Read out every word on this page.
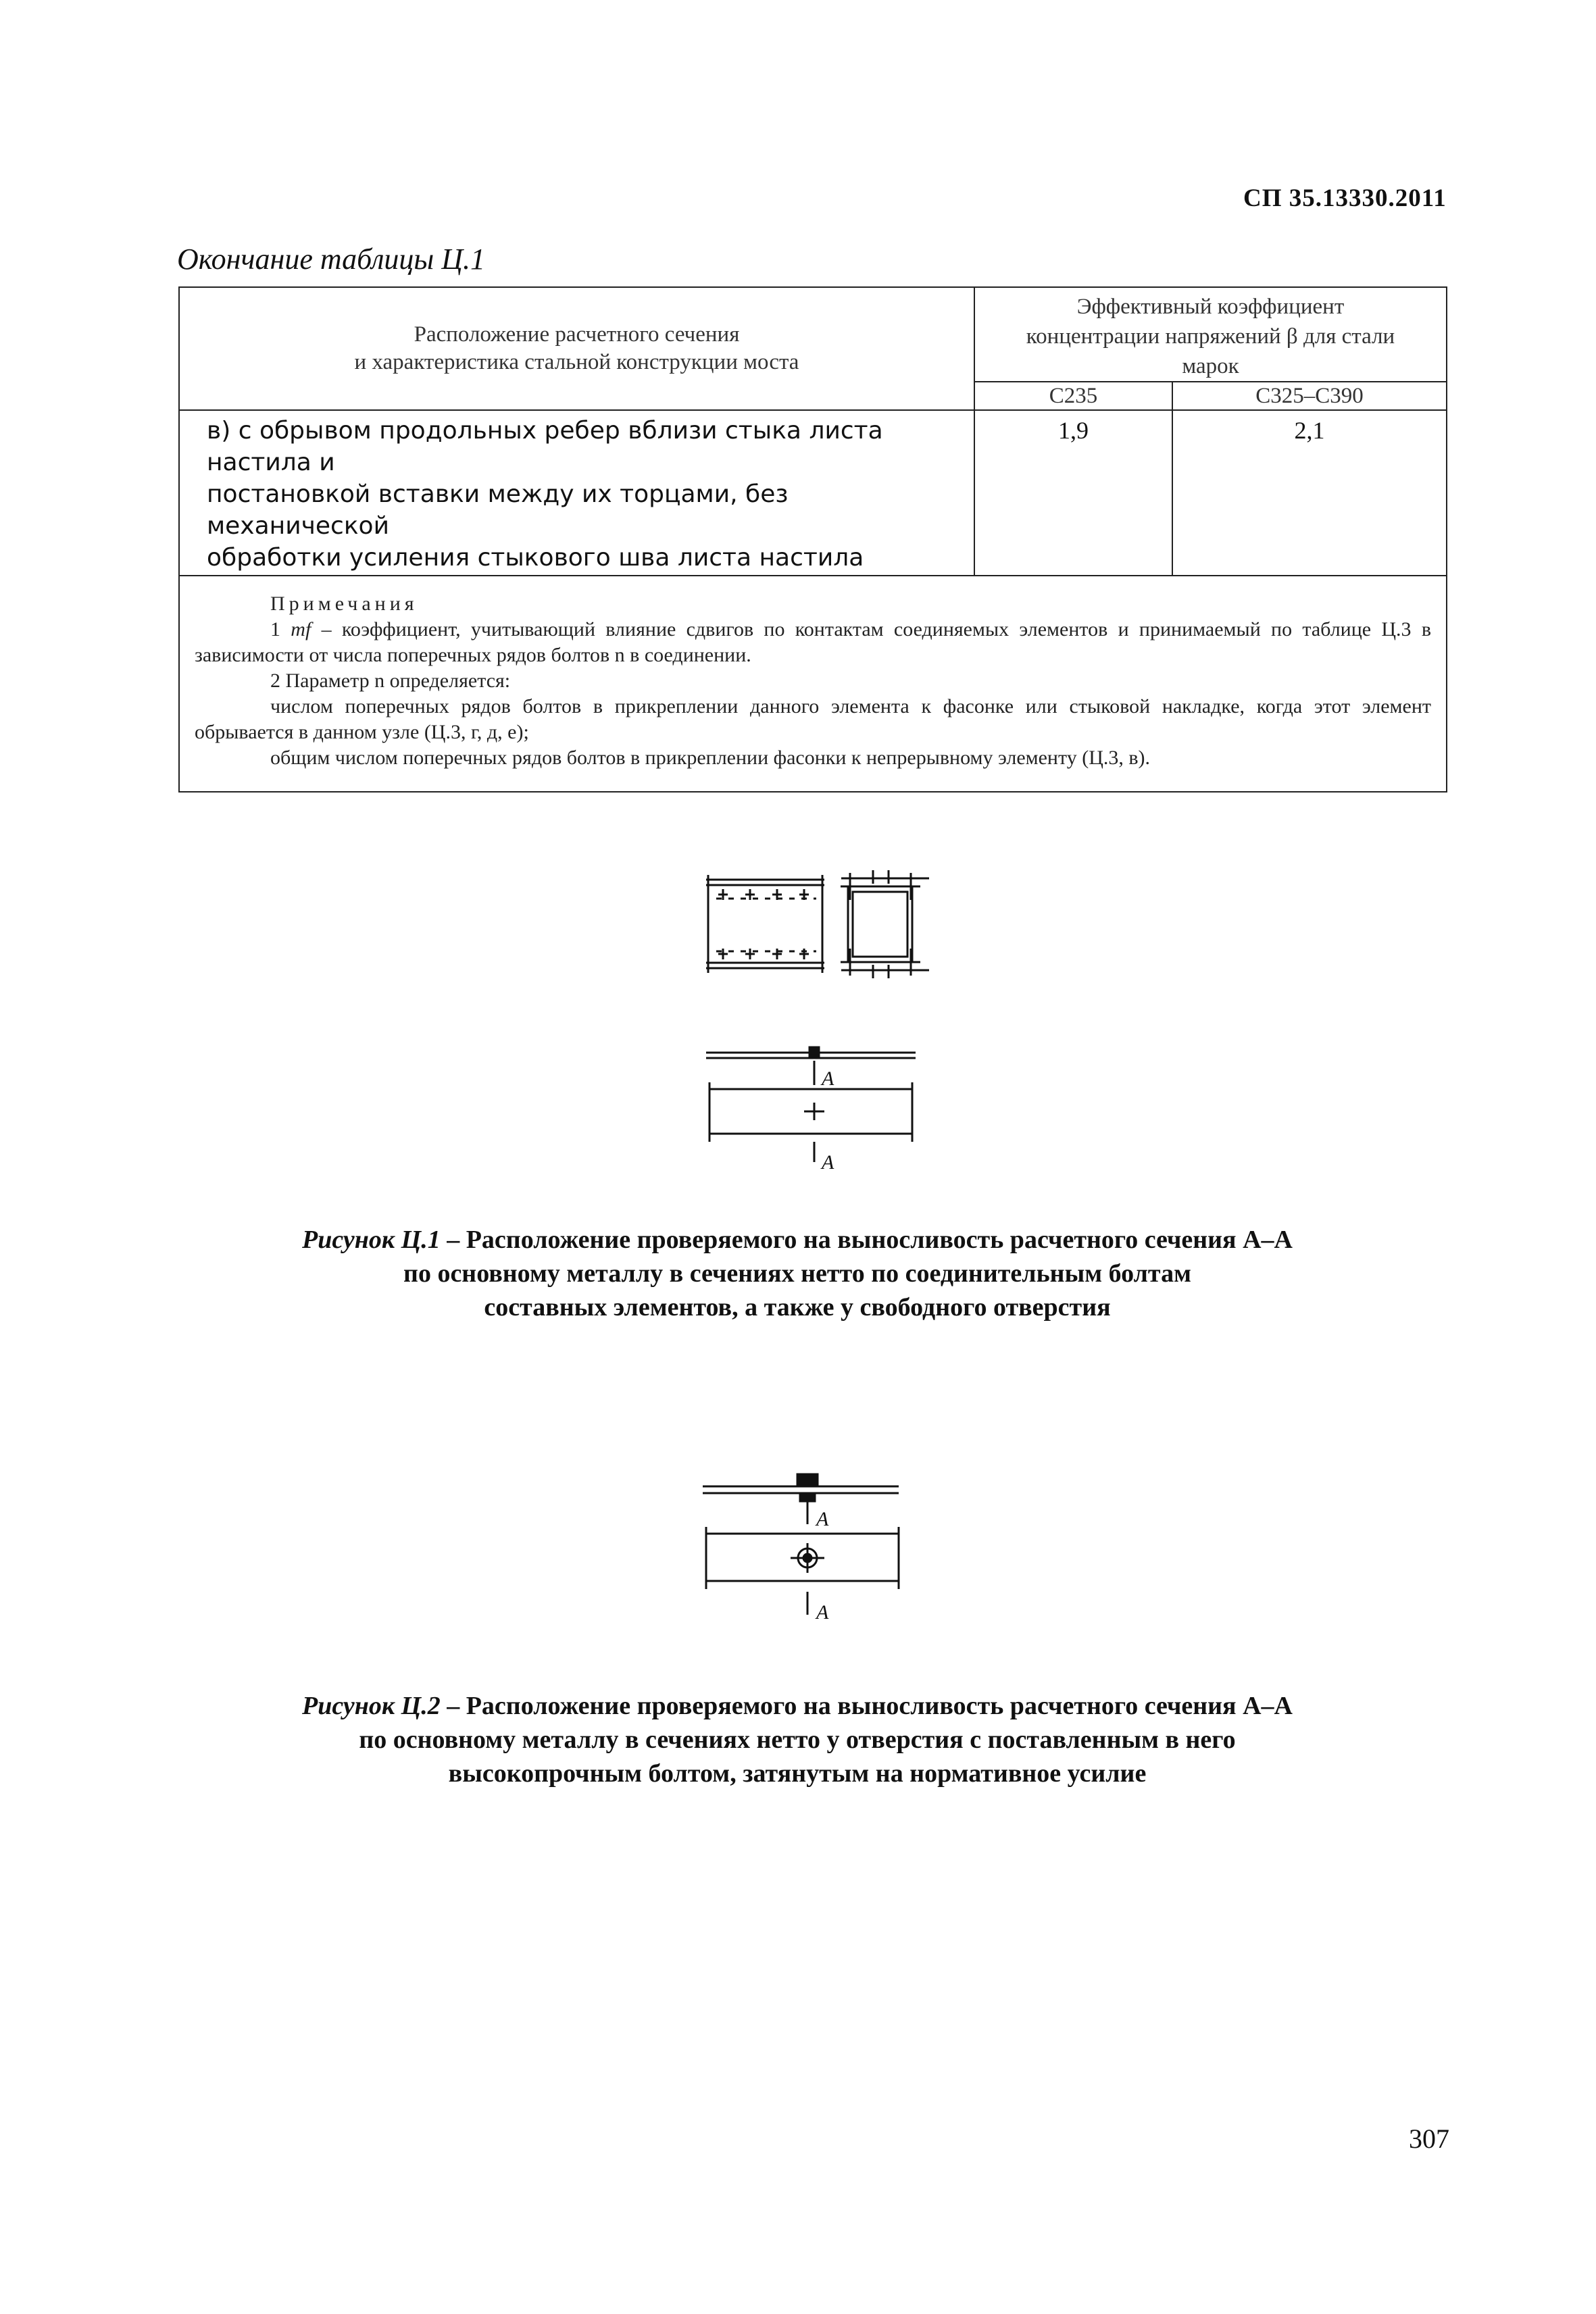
СП 35.13330.2011
Окончание таблицы Ц.1
Расположение расчетного сечения
и характеристика стальной конструкции моста	Эффективный коэффициент
концентрации напряжений β для стали
марок	

	С235	С325–С390

в) с обрывом продольных ребер вблизи стыка листа настила и
постановкой вставки между их торцами, без механической
обработки усиления стыкового шва листа настила	1,9	2,1

Примечания

1 mf – коэффициент, учитывающий влияние сдвигов по контактам соединяемых элементов и принимаемый по таблице Ц.3 в зависимости от числа поперечных рядов болтов n в соединении.

2 Параметр n определяется:

числом поперечных рядов болтов в прикреплении данного элемента к фасонке или стыковой накладке, когда этот элемент обрывается в данном узле (Ц.3, г, д, е);

общим числом поперечных рядов болтов в прикреплении фасонки к непрерывному элементу (Ц.3, в).		

A
A
Рисунок Ц.1 – Расположение проверяемого на выносливость расчетного сечения А–А
по основному металлу в сечениях нетто по соединительным болтам
составных элементов, а также у свободного отверстия
A
A
Рисунок Ц.2 – Расположение проверяемого на выносливость расчетного сечения А–А
по основному металлу в сечениях нетто у отверстия с поставленным в него
высокопрочным болтом, затянутым на нормативное усилие
307
